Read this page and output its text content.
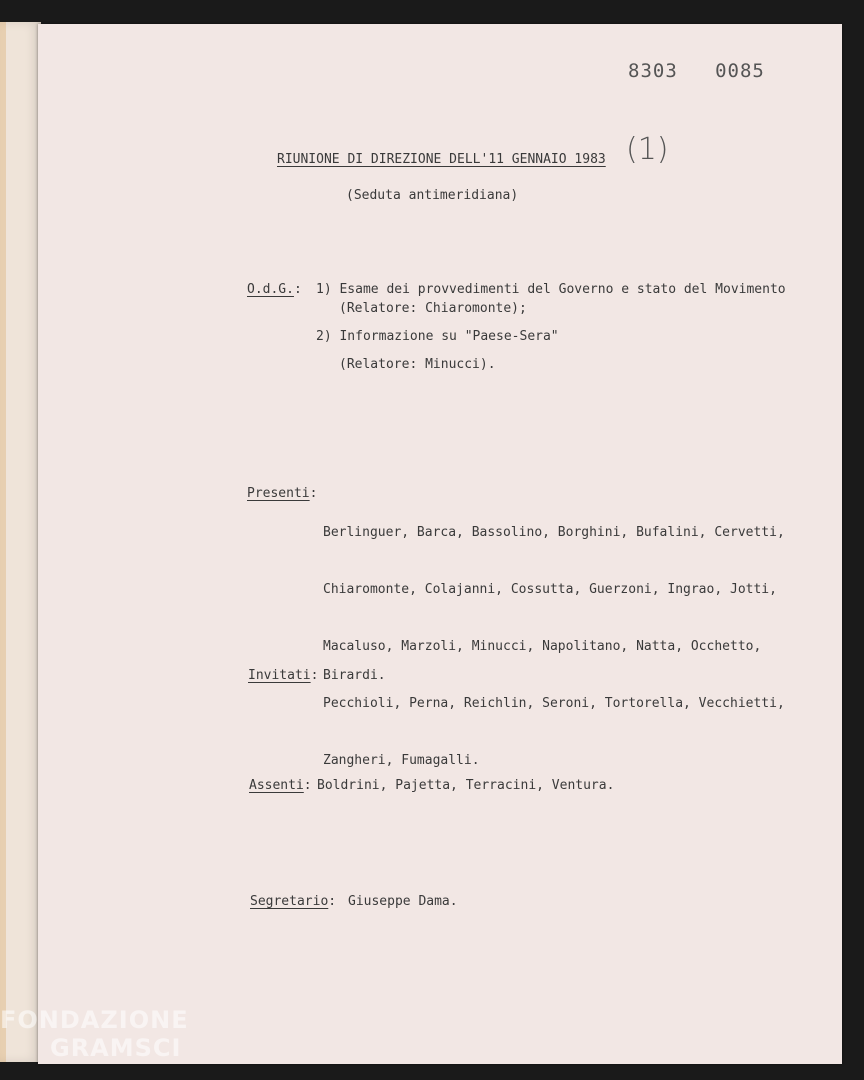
8303   0085
(1)
RIUNIONE DI DIREZIONE DELL'11 GENNAIO 1983
(Seduta antimeridiana)
O.d.G.: 1) Esame dei provvedimenti del Governo e stato del Movimento
(Relatore: Chiaromonte);
2) Informazione su "Paese-Sera"
(Relatore: Minucci).
Presenti:

Berlinguer, Barca, Bassolino, Borghini, Bufalini, Cervetti,

Chiaromonte, Colajanni, Cossutta, Guerzoni, Ingrao, Jotti,

Macaluso, Marzoli, Minucci, Napolitano, Natta, Occhetto,

Pecchioli, Perna, Reichlin, Seroni, Tortorella, Vecchietti,

Zangheri, Fumagalli.

Invitati: Birardi.
Assenti: Boldrini, Pajetta, Terracini, Ventura.
Segretario: Giuseppe Dama.
FONDAZIONE
GRAMSCI
